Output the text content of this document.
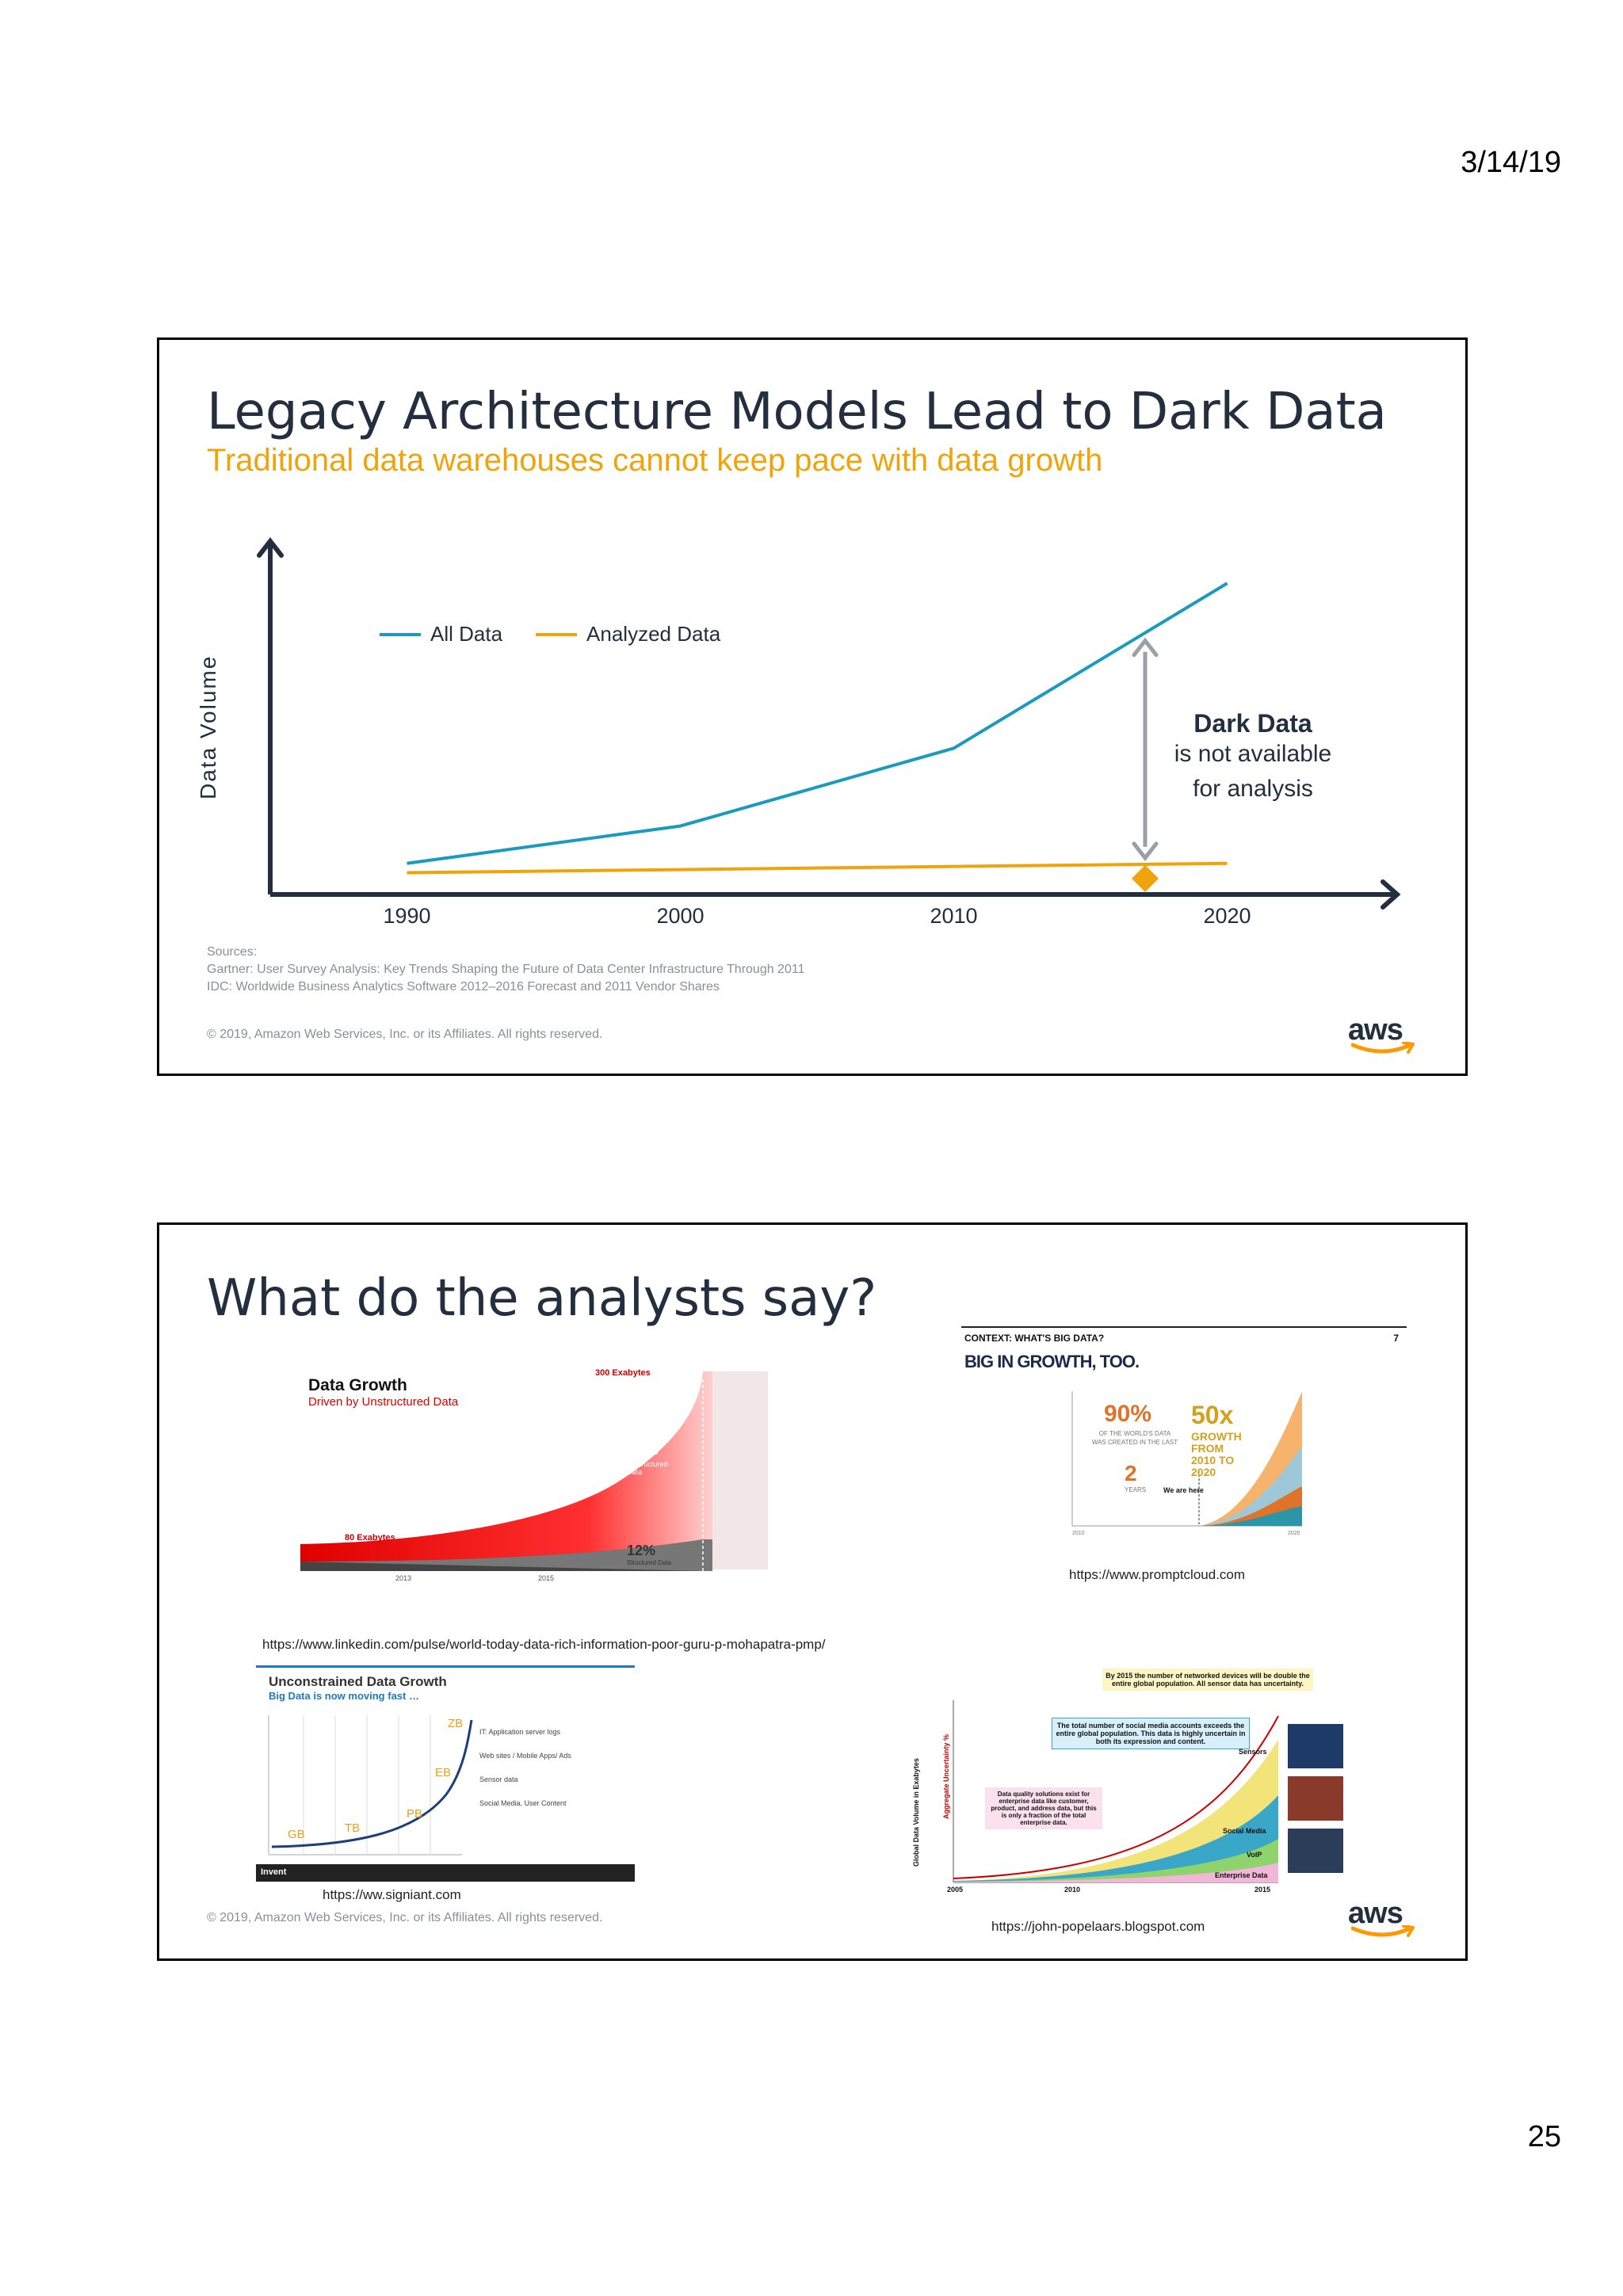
3/14/19
Legacy Architecture Models Lead to Dark Data
Traditional data warehouses cannot keep pace with data growth
Data Volume
All Data	Analyzed Data
1990	2000	2010	2020
Dark Data
is not available
for analysis
Sources:
Gartner: User Survey Analysis: Key Trends Shaping the Future of Data Center Infrastructure Through 2011
IDC: Worldwide Business Analytics Software 2012–2016 Forecast and 2011 Vendor Shares
© 2019, Amazon Web Services, Inc. or its Affiliates. All rights reserved.	aws
What do the analysts say?
Data Growth
Driven by Unstructured Data
300 Exabytes
80 Exabytes
88%
Unstructured Data
12%
Structured Data
2013	2015
https://www.linkedin.com/pulse/world-today-data-rich-information-poor-guru-p-mohapatra-pmp/
CONTEXT: WHAT'S BIG DATA?	7
BIG IN GROWTH, TOO.
90%
OF THE WORLD'S DATA WAS CREATED IN THE LAST
2
YEARS
50x
GROWTH FROM 2010 TO 2020
We are here
2010	2020
https://www.promptcloud.com
Unconstrained Data Growth
Big Data is now moving fast …
GB	TB
PB
EB
ZB
IT: Application server logs
Web sites / Mobile Apps/ Ads
Sensor data
Social Media, User Content
Invent
https://ww.signiant.com
By 2015 the number of networked devices will be double the entire global population. All sensor data has uncertainty.
The total number of social media accounts exceeds the entire global population. This data is highly uncertain in both its expression and content.
Data quality solutions exist for enterprise data like customer, product, and address data, but this is only a fraction of the total enterprise data.
Global Data Volume in Exabytes	Aggregate Uncertainty %	Sensors
Social Media
VoIP
Enterprise Data
2005	2010	2015
https://john-popelaars.blogspot.com
© 2019, Amazon Web Services, Inc. or its Affiliates. All rights reserved.	aws
25
